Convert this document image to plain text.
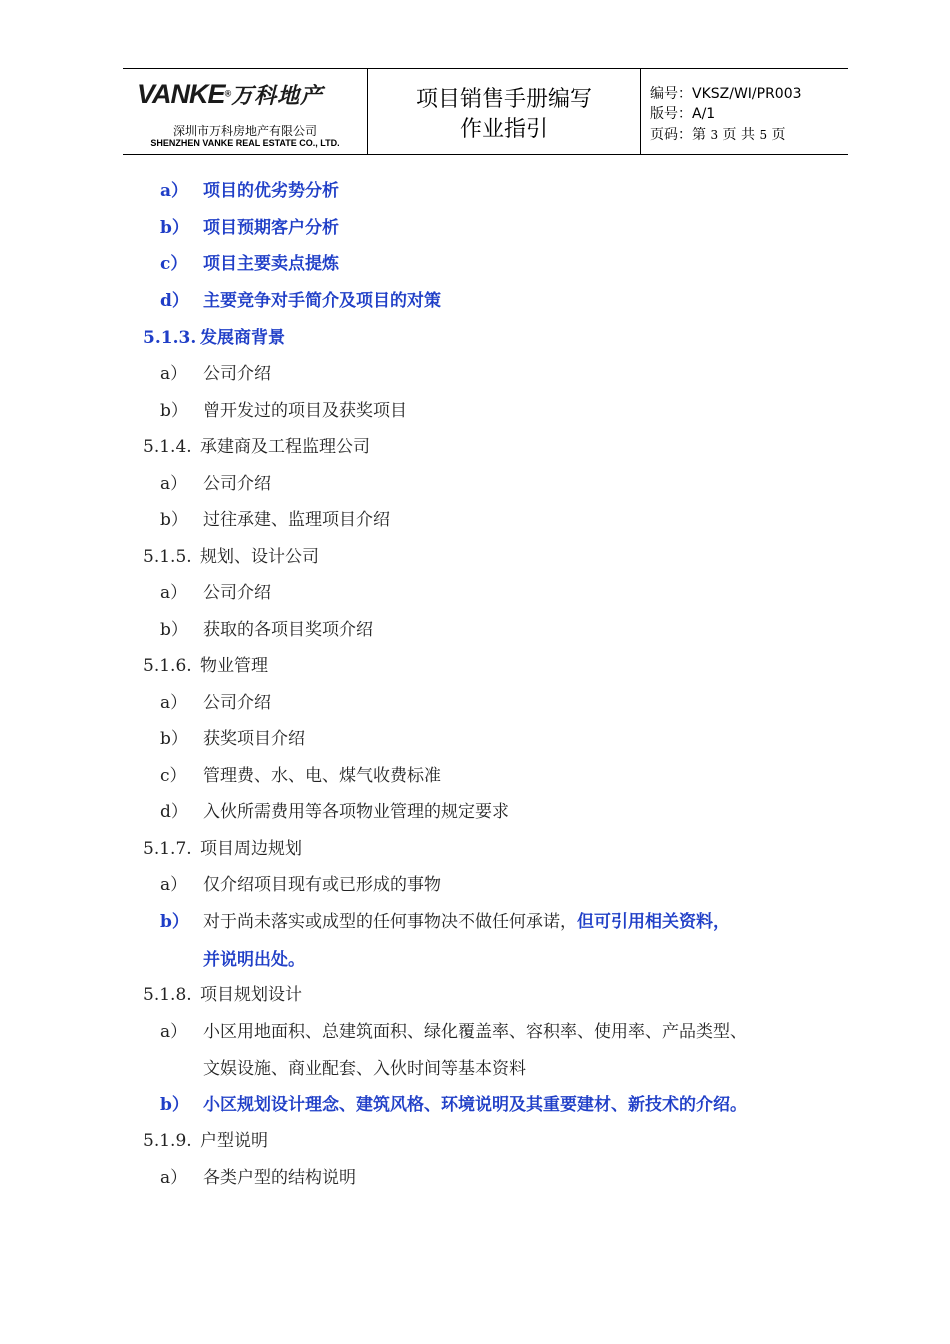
VANKE®万科地产
深圳市万科房地产有限公司
SHENZHEN VANKE REAL ESTATE CO., LTD.
项目销售手册编写
作业指引
编号：VKSZ/WI/PR003
版号：A/1
页码：第 3 页 共 5 页
a） 项目的优劣势分析
b） 项目预期客户分析
c） 项目主要卖点提炼
d） 主要竞争对手简介及项目的对策
5.1.3. 发展商背景
a） 公司介绍
b） 曾开发过的项目及获奖项目
5.1.4. 承建商及工程监理公司
a） 公司介绍
b） 过往承建、监理项目介绍
5.1.5. 规划、设计公司
a） 公司介绍
b） 获取的各项目奖项介绍
5.1.6. 物业管理
a） 公司介绍
b） 获奖项目介绍
c） 管理费、水、电、煤气收费标准
d） 入伙所需费用等各项物业管理的规定要求
5.1.7. 项目周边规划
a） 仅介绍项目现有或已形成的事物
b） 对于尚未落实或成型的任何事物决不做任何承诺，但可引用相关资料，
并说明出处。
5.1.8. 项目规划设计
a） 小区用地面积、总建筑面积、绿化覆盖率、容积率、使用率、产品类型、
文娱设施、商业配套、入伙时间等基本资料
b） 小区规划设计理念、建筑风格、环境说明及其重要建材、新技术的介绍。
5.1.9. 户型说明
a） 各类户型的结构说明
